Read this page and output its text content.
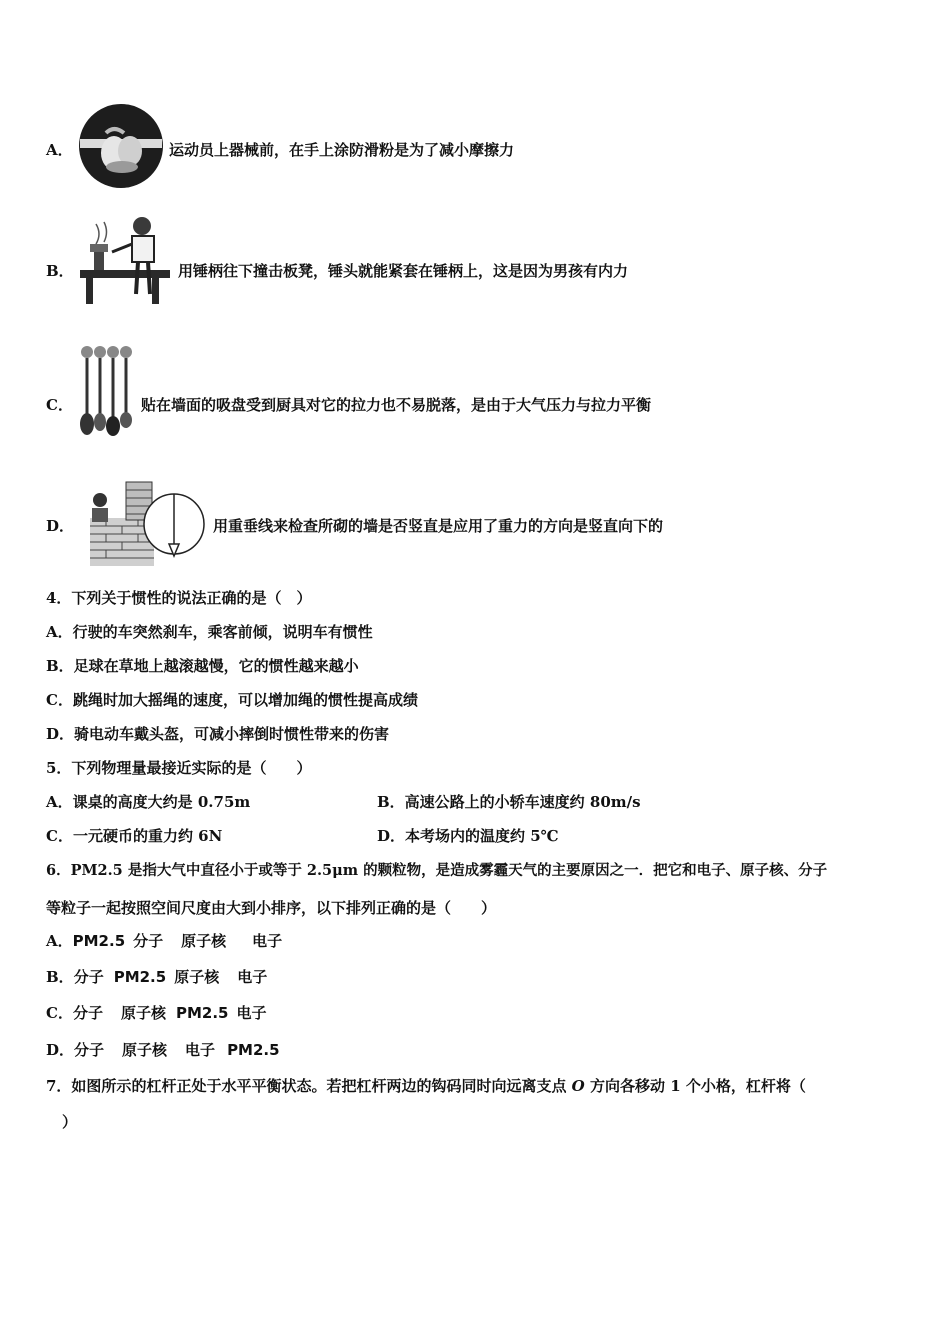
A．	运动员上器械前，在手上涂防滑粉是为了减小摩擦力
B．	用锤柄往下撞击板凳，锤头就能紧套在锤柄上，这是因为男孩有内力
C．	贴在墙面的吸盘受到厨具对它的拉力也不易脱落，是由于大气压力与拉力平衡
D．	用重垂线来检查所砌的墙是否竖直是应用了重力的方向是竖直向下的
4．下列关于惯性的说法正确的是（　）
A．行驶的车突然刹车，乘客前倾，说明车有惯性
B．足球在草地上越滚越慢，它的惯性越来越小
C．跳绳时加大摇绳的速度，可以增加绳的惯性提高成绩
D．骑电动车戴头盔，可减小摔倒时惯性带来的伤害
5．下列物理量最接近实际的是（　　）
A．课桌的高度大约是 0.75m	B．高速公路上的小轿车速度约 80m/s
C．一元硬币的重力约 6N	D．本考场内的温度约 5℃
6．PM2.5 是指大气中直径小于或等于 2.5μm 的颗粒物，是造成雾霾天气的主要原因之一．把它和电子、原子核、分子
等粒子一起按照空间尺度由大到小排序，以下排列正确的是（　　）
A．PM2.5 分子 原子核 电子
B．分子 PM2.5 原子核 电子
C．分子 原子核 PM2.5 电子
D．分子 原子核 电子 PM2.5
7．如图所示的杠杆正处于水平平衡状态。若把杠杆两边的钩码同时向远离支点 O 方向各移动 1 个小格，杠杆将（
）
